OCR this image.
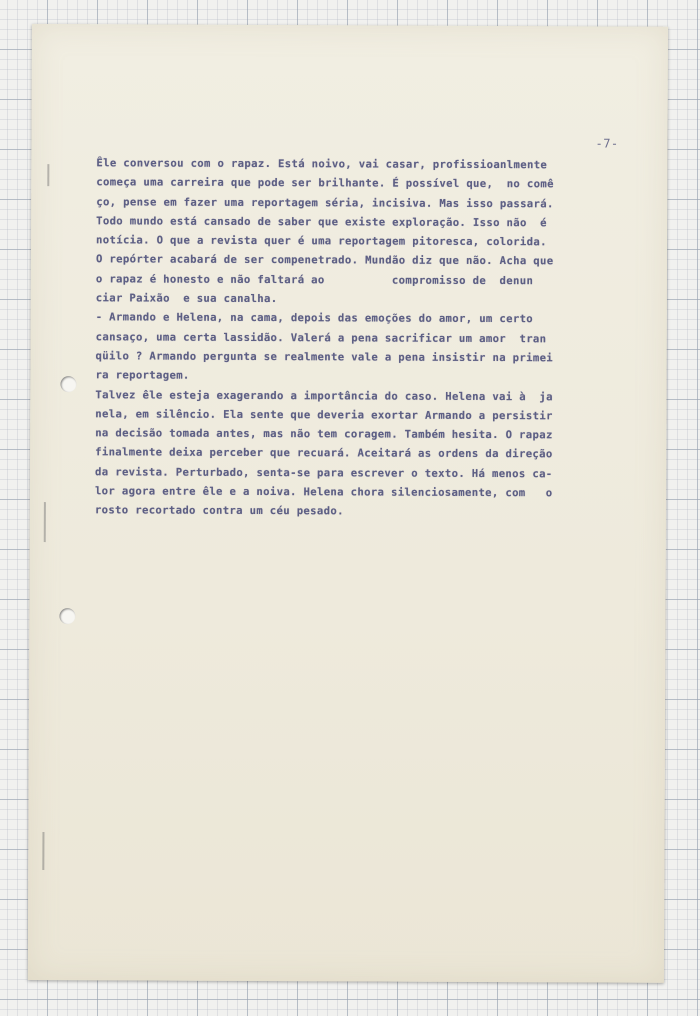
-7-
Êle conversou com o rapaz. Está noivo, vai casar, profissioanlmente
começa uma carreira que pode ser brilhante. É possível que,  no comê
ço, pense em fazer uma reportagem séria, incisiva. Mas isso passará.
Todo mundo está cansado de saber que existe exploração. Isso não  é
notícia. O que a revista quer é uma reportagem pitoresca, colorida.
O repórter acabará de ser compenetrado. Mundão diz que não. Acha que
o rapaz é honesto e não faltará ao          compromisso de  denun
ciar Paixão  e sua canalha.
- Armando e Helena, na cama, depois das emoções do amor, um certo
cansaço, uma certa lassidão. Valerá a pena sacrificar um amor  tran
qüilo ? Armando pergunta se realmente vale a pena insistir na primei
ra reportagem.
Talvez êle esteja exagerando a importância do caso. Helena vai à  ja
nela, em silêncio. Ela sente que deveria exortar Armando a persistir
na decisão tomada antes, mas não tem coragem. Também hesita. O rapaz
finalmente deixa perceber que recuará. Aceitará as ordens da direção
da revista. Perturbado, senta-se para escrever o texto. Há menos ca-
lor agora entre êle e a noiva. Helena chora silenciosamente, com   o
rosto recortado contra um céu pesado.
